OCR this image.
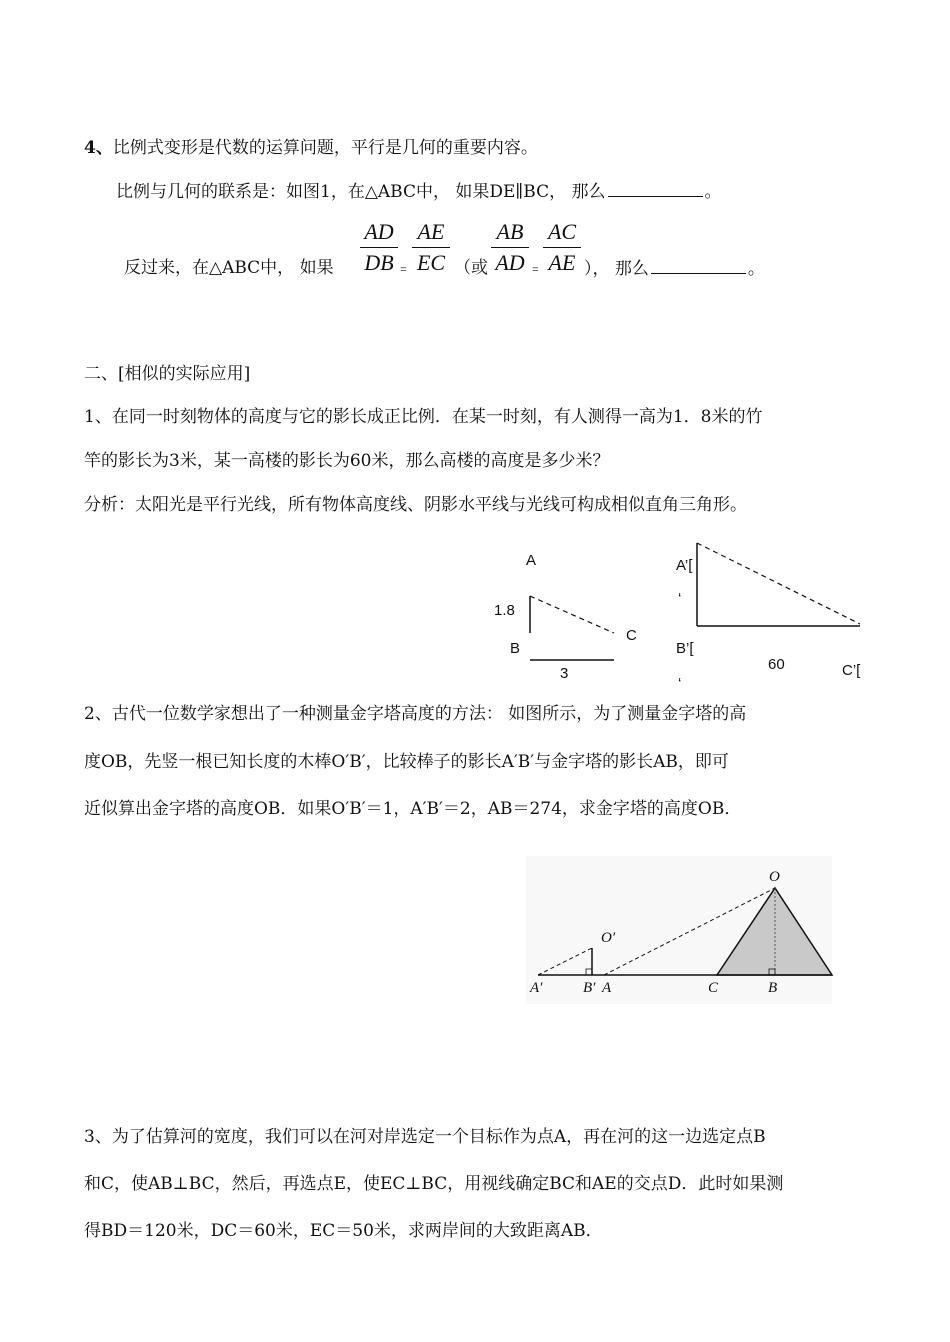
4、比例式变形是代数的运算问题，平行是几何的重要内容。
比例与几何的联系是：如图1，在△ABC中， 如果DE∥BC， 那么	。
反过来，在△ABC中， 如果 $\frac{AD}{DB} = \frac{AE}{EC}$ （或 $\frac{AB}{AD} = \frac{AC}{AE}$ ）， 那么	。
二、[相似的实际应用]
1、在同一时刻物体的高度与它的影长成正比例．在某一时刻，有人测得一高为1．8米的竹
竿的影长为3米，某一高楼的影长为60米，那么高楼的高度是多少米？
分析：太阳光是平行光线，所有物体高度线、阴影水平线与光线可构成相似直角三角形。
A
1.8
B
C
3
A’[
‘
B’[
60	C’[
‘
2、古代一位数学家想出了一种测量金字塔高度的方法： 如图所示，为了测量金字塔的高
度OB，先竖一根已知长度的木棒O′B′，比较棒子的影长A′B′与金字塔的影长AB，即可
近似算出金字塔的高度OB．如果O′B′＝1，A′B′＝2，AB＝274，求金字塔的高度OB．
O
O′
A′	B′ A	C	B
3、为了估算河的宽度，我们可以在河对岸选定一个目标作为点A，再在河的这一边选定点B
和C，使AB⊥BC，然后，再选点E，使EC⊥BC，用视线确定BC和AE的交点D．此时如果测
得BD＝120米，DC＝60米，EC＝50米，求两岸间的大致距离AB．
